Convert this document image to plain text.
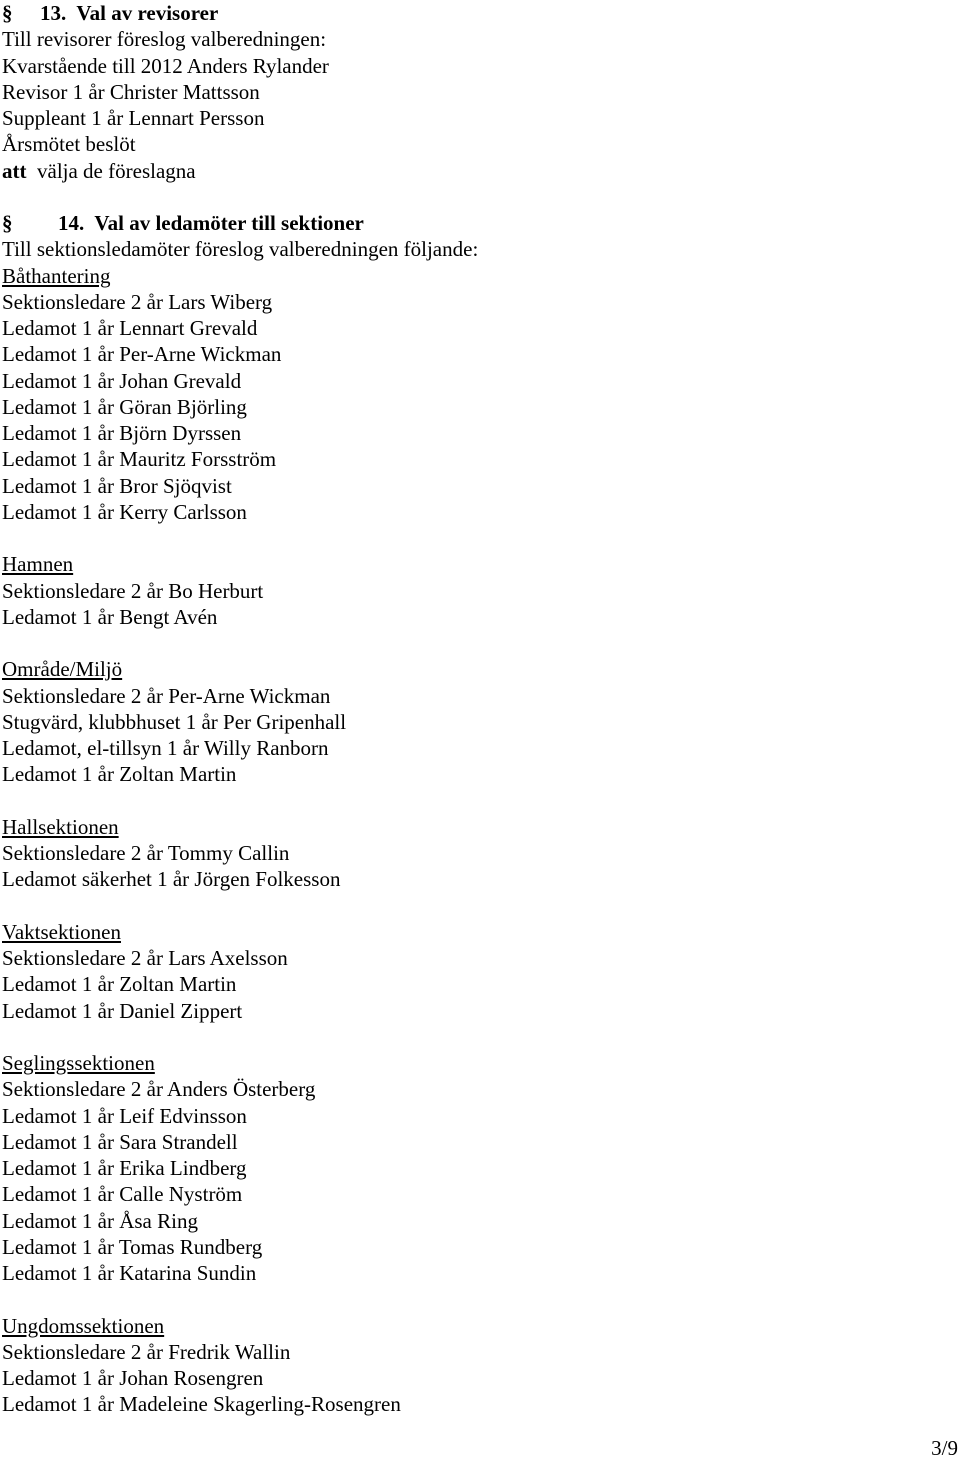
§ 13. Val av revisorer
Till revisorer föreslog valberedningen:
Kvarstående till 2012 Anders Rylander
Revisor 1 år Christer Mattsson
Suppleant 1 år Lennart Persson
Årsmötet beslöt
att välja de föreslagna
§ 14. Val av ledamöter till sektioner
Till sektionsledamöter föreslog valberedningen följande:
Båthantering
Sektionsledare 2 år Lars Wiberg
Ledamot 1 år Lennart Grevald
Ledamot 1 år Per-Arne Wickman
Ledamot 1 år Johan Grevald
Ledamot 1 år Göran Björling
Ledamot 1 år Björn Dyrssen
Ledamot 1 år Mauritz Forsström
Ledamot 1 år Bror Sjöqvist
Ledamot 1 år Kerry Carlsson
Hamnen
Sektionsledare 2 år Bo Herburt
Ledamot 1 år Bengt Avén
Område/Miljö
Sektionsledare 2 år Per-Arne Wickman
Stugvärd, klubbhuset 1 år Per Gripenhall
Ledamot, el-tillsyn 1 år Willy Ranborn
Ledamot 1 år Zoltan Martin
Hallsektionen
Sektionsledare 2 år Tommy Callin
Ledamot säkerhet 1 år Jörgen Folkesson
Vaktsektionen
Sektionsledare 2 år Lars Axelsson
Ledamot 1 år Zoltan Martin
Ledamot 1 år Daniel Zippert
Seglingssektionen
Sektionsledare 2 år Anders Österberg
Ledamot 1 år Leif Edvinsson
Ledamot 1 år Sara Strandell
Ledamot 1 år Erika Lindberg
Ledamot 1 år Calle Nyström
Ledamot 1 år Åsa Ring
Ledamot 1 år Tomas Rundberg
Ledamot 1 år Katarina Sundin
Ungdomssektionen
Sektionsledare 2 år Fredrik Wallin
Ledamot 1 år Johan Rosengren
Ledamot 1 år Madeleine Skagerling-Rosengren
3/9
